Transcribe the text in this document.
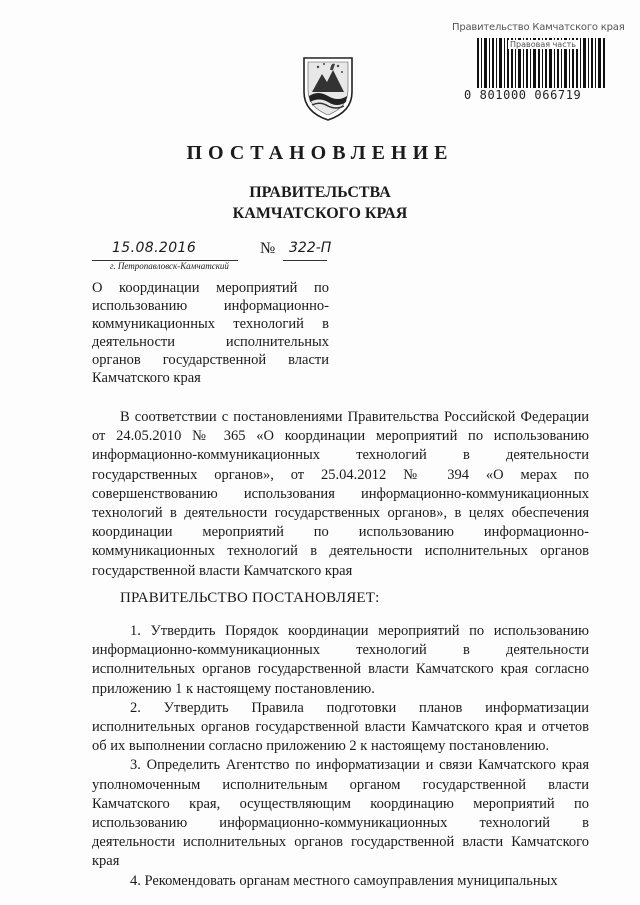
Правительство Камчатского края
Правовая часть
0 801000 066719
ПОСТАНОВЛЕНИЕ
ПРАВИТЕЛЬСТВА
КАМЧАТСКОГО КРАЯ
15.08.2016	№ 322-П
г. Петропавловск-Камчатский
О координации мероприятий по использованию информационно-коммуникационных технологий в деятельности исполнительных органов государственной власти Камчатского края

В соответствии с постановлениями Правительства Российской Федерации от 24.05.2010 № 365 «О координации мероприятий по использованию информационно-коммуникационных технологий в деятельности государственных органов», от 25.04.2012 № 394 «О мерах по совершенствованию использования информационно-коммуникационных технологий в деятельности государственных органов», в целях обеспечения координации мероприятий по использованию информационно-коммуникационных технологий в деятельности исполнительных органов государственной власти Камчатского края

ПРАВИТЕЛЬСТВО ПОСТАНОВЛЯЕТ:

1. Утвердить Порядок координации мероприятий по использованию информационно-коммуникационных технологий в деятельности исполнительных органов государственной власти Камчатского края согласно приложению 1 к настоящему постановлению.

2. Утвердить Правила подготовки планов информатизации исполнительных органов государственной власти Камчатского края и отчетов об их выполнении согласно приложению 2 к настоящему постановлению.

3. Определить Агентство по информатизации и связи Камчатского края уполномоченным исполнительным органом государственной власти Камчатского края, осуществляющим координацию мероприятий по использованию информационно-коммуникационных технологий в деятельности исполнительных органов государственной власти Камчатского края

4. Рекомендовать органам местного самоуправления муниципальных
